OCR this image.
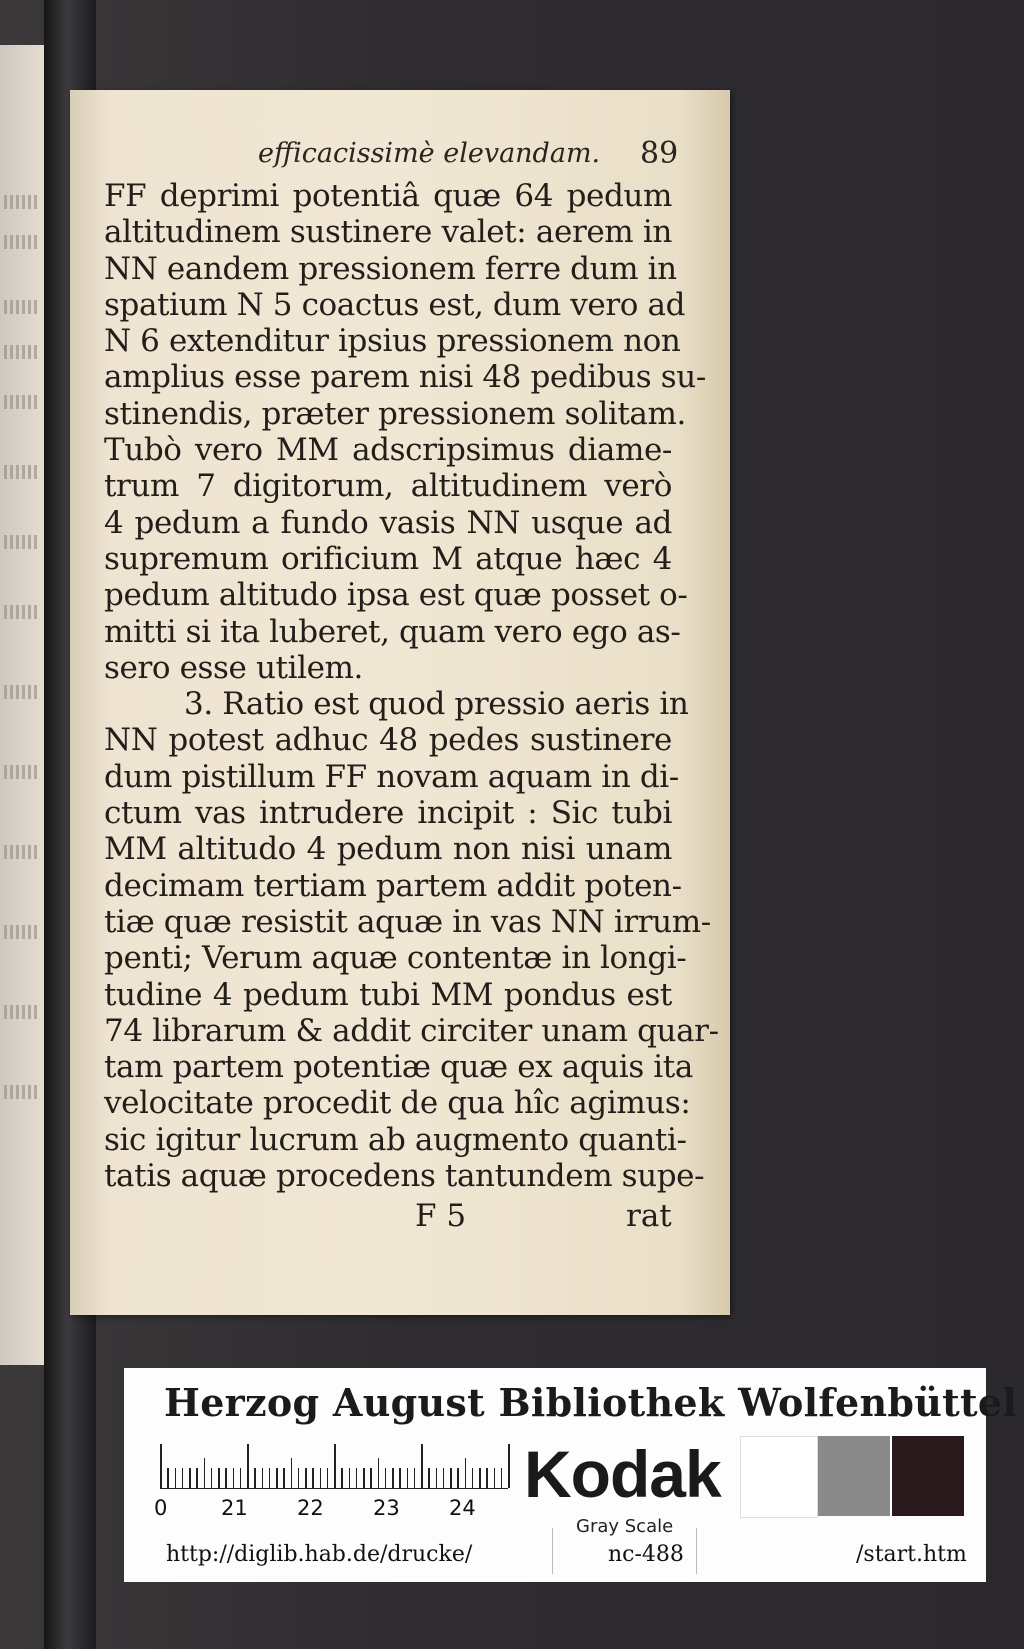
efficacissimè elevandam. 89
FF deprimi potentiâ quæ 64 pedum
altitudinem sustinere valet: aerem in
NN eandem pressionem ferre dum in
spatium N 5 coactus est, dum vero ad
N 6 extenditur ipsius pressionem non
amplius esse parem nisi 48 pedibus su-
stinendis, præter pressionem solitam.
Tubò vero MM adscripsimus diame-
trum 7 digitorum, altitudinem verò
4 pedum a fundo vasis NN usque ad
supremum orificium M atque hæc 4
pedum altitudo ipsa est quæ posset o-
mitti si ita luberet, quam vero ego as-
sero esse utilem.
3. Ratio est quod pressio aeris in
NN potest adhuc 48 pedes sustinere
dum pistillum FF novam aquam in di-
ctum vas intrudere incipit : Sic tubi
MM altitudo 4 pedum non nisi unam
decimam tertiam partem addit poten-
tiæ quæ resistit aquæ in vas NN irrum-
penti; Verum aquæ contentæ in longi-
tudine 4 pedum tubi MM pondus est
74 librarum & addit circiter unam quar-
tam partem potentiæ quæ ex aquis ita
velocitate procedit de qua hîc agimus:
sic igitur lucrum ab augmento quanti-
tatis aquæ procedens tantundem supe-
F 5	rat
Herzog August Bibliothek Wolfenbüttel
0	21 22 23 24 Kodak
Gray Scale
http://diglib.hab.de/drucke/	nc-488	/start.htm
